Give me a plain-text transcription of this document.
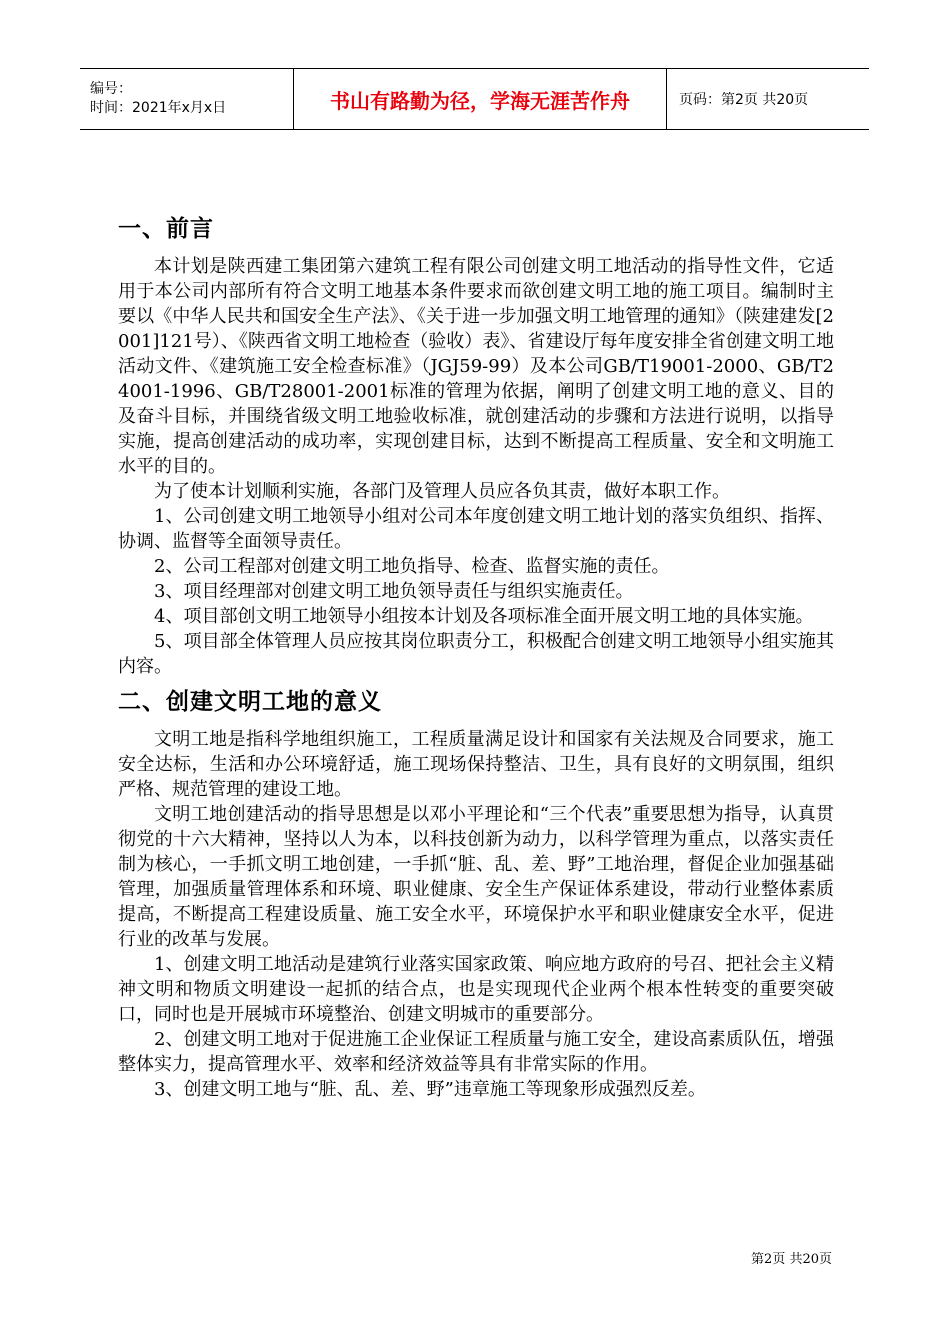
编号：
时间：2021年x月x日	书山有路勤为径，学海无涯苦作舟	页码：第2页 共20页
一、前言

本计划是陕西建工集团第六建筑工程有限公司创建文明工地活动的指导性文件，它适用于本公司内部所有符合文明工地基本条件要求而欲创建文明工地的施工项目。编制时主要以《中华人民共和国安全生产法》、《关于进一步加强文明工地管理的通知》（陕建建发[2001]121号）、《陕西省文明工地检查（验收）表》、省建设厅每年度安排全省创建文明工地活动文件、《建筑施工安全检查标准》（JGJ59-99）及本公司GB/T19001-2000、GB/T24001-1996、GB/T28001-2001标准的管理为依据，阐明了创建文明工地的意义、目的及奋斗目标，并围绕省级文明工地验收标准，就创建活动的步骤和方法进行说明，以指导实施，提高创建活动的成功率，实现创建目标，达到不断提高工程质量、安全和文明施工水平的目的。

为了使本计划顺利实施，各部门及管理人员应各负其责，做好本职工作。

1、公司创建文明工地领导小组对公司本年度创建文明工地计划的落实负组织、指挥、协调、监督等全面领导责任。

2、公司工程部对创建文明工地负指导、检查、监督实施的责任。

3、项目经理部对创建文明工地负领导责任与组织实施责任。

4、项目部创文明工地领导小组按本计划及各项标准全面开展文明工地的具体实施。

5、项目部全体管理人员应按其岗位职责分工，积极配合创建文明工地领导小组实施其内容。

二、创建文明工地的意义

文明工地是指科学地组织施工，工程质量满足设计和国家有关法规及合同要求，施工安全达标，生活和办公环境舒适，施工现场保持整洁、卫生，具有良好的文明氛围，组织严格、规范管理的建设工地。

文明工地创建活动的指导思想是以邓小平理论和“三个代表”重要思想为指导，认真贯彻党的十六大精神，坚持以人为本，以科技创新为动力，以科学管理为重点，以落实责任制为核心，一手抓文明工地创建，一手抓“脏、乱、差、野”工地治理，督促企业加强基础管理，加强质量管理体系和环境、职业健康、安全生产保证体系建设，带动行业整体素质提高，不断提高工程建设质量、施工安全水平，环境保护水平和职业健康安全水平，促进行业的改革与发展。

1、创建文明工地活动是建筑行业落实国家政策、响应地方政府的号召、把社会主义精神文明和物质文明建设一起抓的结合点，也是实现现代企业两个根本性转变的重要突破口，同时也是开展城市环境整治、创建文明城市的重要部分。

2、创建文明工地对于促进施工企业保证工程质量与施工安全，建设高素质队伍，增强整体实力，提高管理水平、效率和经济效益等具有非常实际的作用。

3、创建文明工地与“脏、乱、差、野”违章施工等现象形成强烈反差。

第2页 共20页
